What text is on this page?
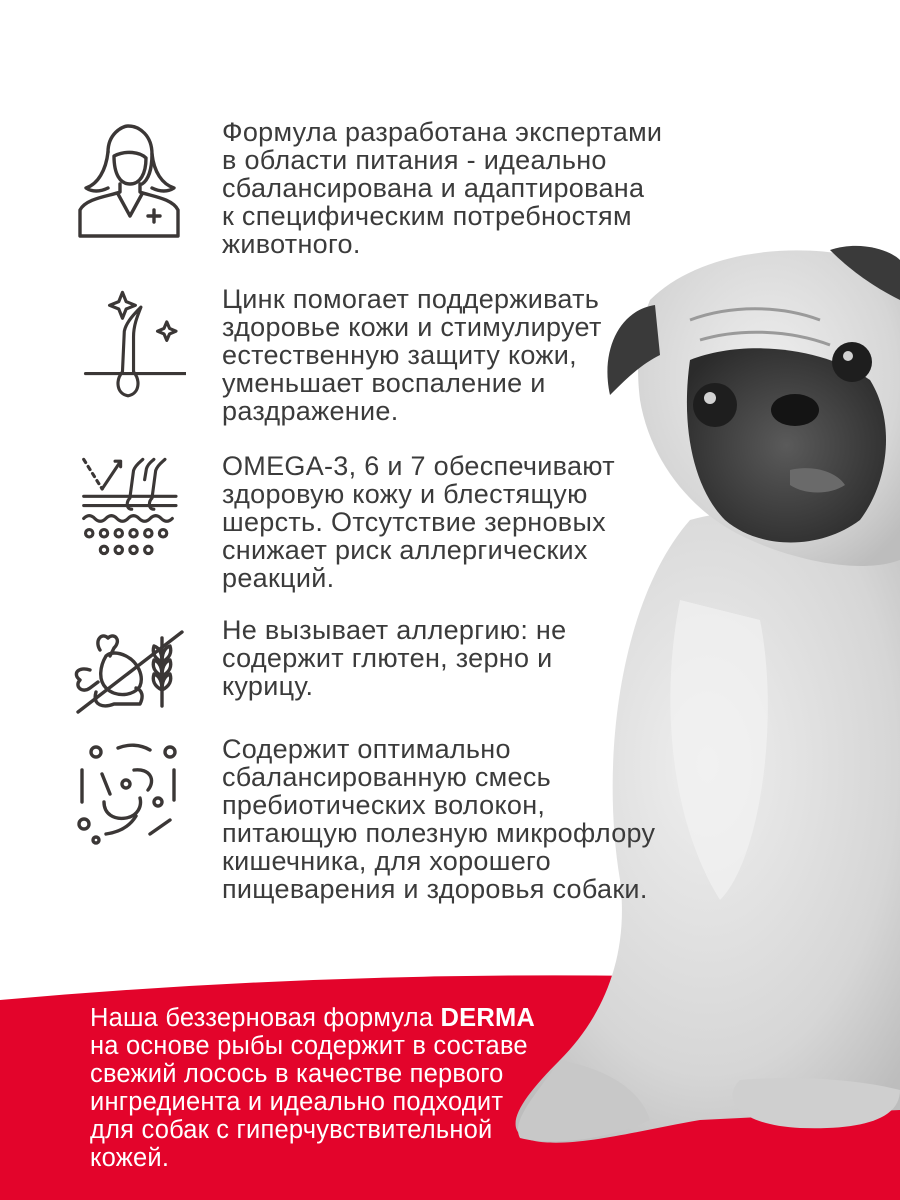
Формула разработана экспертами
в области питания - идеально
сбалансирована и адаптирована
к специфическим потребностям
животного.
Цинк помогает поддерживать
здоровье кожи и стимулирует
естественную защиту кожи,
уменьшает воспаление и
раздражение.
OMEGA-3, 6 и 7 обеспечивают
здоровую кожу и блестящую
шерсть. Отсутствие зерновых
снижает риск аллергических
реакций.
Не вызывает аллергию: не
содержит глютен, зерно и
курицу.
Содержит оптимально
сбалансированную смесь
пребиотических волокон,
питающую полезную микрофлору
кишечника, для хорошего
пищеварения и здоровья собаки.
Наша беззерновая формула DERMA
на основе рыбы содержит в составе
свежий лосось в качестве первого
ингредиента и идеально подходит
для собак с гиперчувствительной
кожей.
